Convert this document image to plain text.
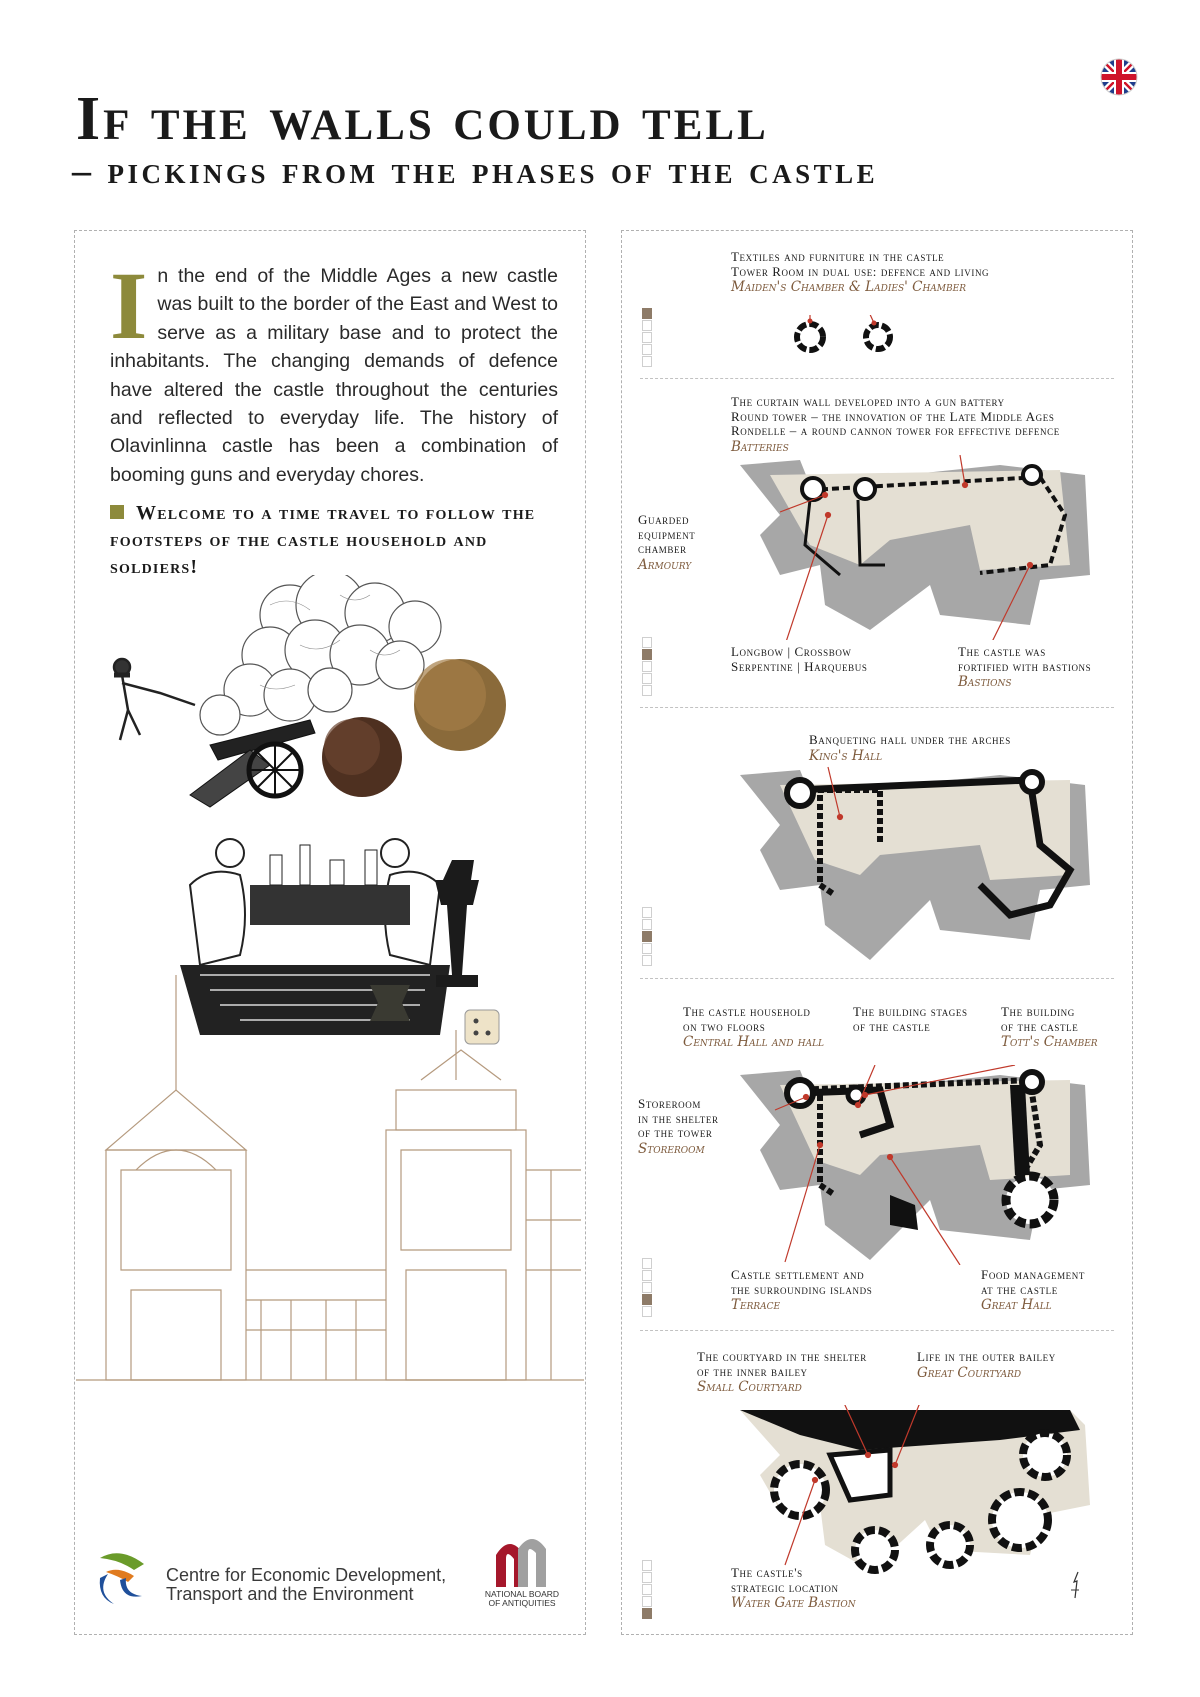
If the walls could tell
– pickings from the phases of the castle
In the end of the Middle Ages a new castle was built to the border of the East and West to serve as a military base and to protect the inhabitants. The changing demands of defence have altered the castle throughout the centuries and reflected to everyday life. The history of Olavinlinna castle has been a combination of booming guns and everyday chores.
Welcome to a time travel to follow the footsteps of the castle household and soldiers!
Centre for Economic Development,
Transport and the Environment	NATIONAL BOARD
OF ANTIQUITIES
Textiles and furniture in the castle
Tower Room in dual use: defence and living
Maiden's Chamber & Ladies' Chamber
The curtain wall developed into a gun battery
Round tower – the innovation of the Late Middle Ages
Rondelle – a round cannon tower for effective defence
Batteries
Guarded
equipment
chamber
Armoury
Longbow | Crossbow
Serpentine | Harquebus
The castle was
fortified with bastions
Bastions
Banqueting hall under the arches
King's Hall
The castle household
on two floors
Central Hall and hall
The building stages
of the castle
The building
of the castle
Tott's Chamber
Storeroom
in the shelter
of the tower
Storeroom
Castle settlement and
the surrounding islands
Terrace
Food management
at the castle
Great Hall
The courtyard in the shelter
of the inner bailey
Small Courtyard
Life in the outer bailey
Great Courtyard
The castle's
strategic location
Water Gate Bastion
